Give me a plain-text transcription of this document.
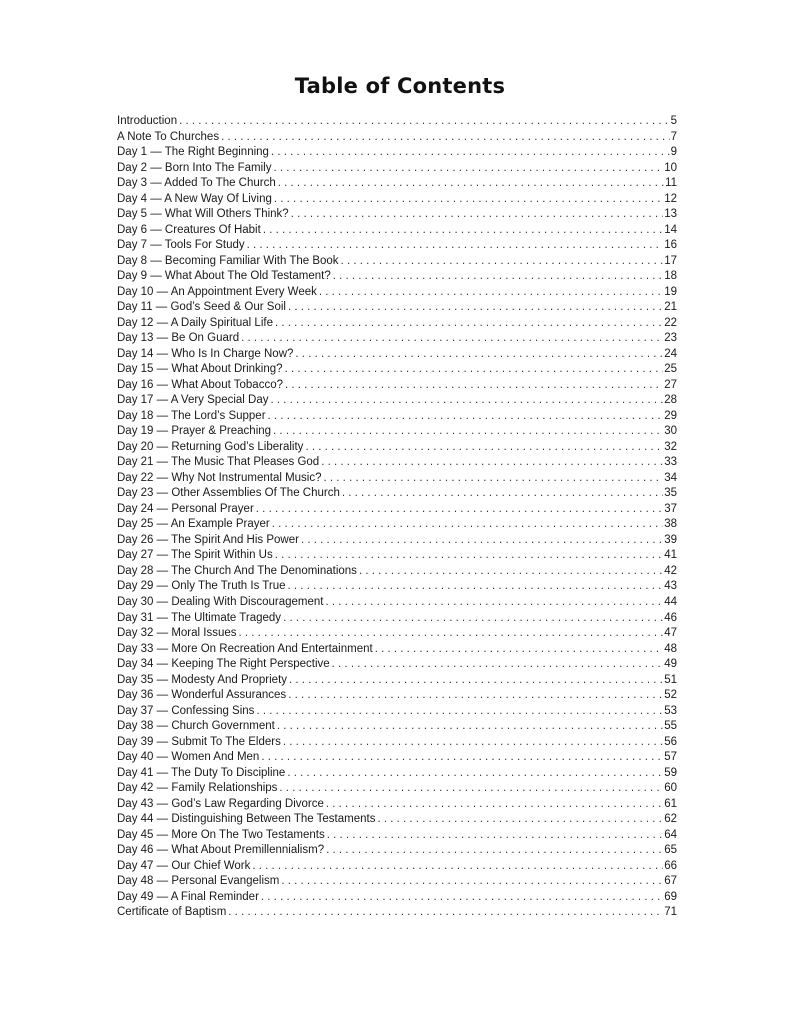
Table of Contents
Introduction . . .	5
A Note To Churches . . .	7
Day 1 — The Right Beginning . . .	9
Day 2 — Born Into The Family . . .	10
Day 3 — Added To The Church . . .	11
Day 4 — A New Way Of Living . . .	12
Day 5 — What Will Others Think? . . .	13
Day 6 — Creatures Of Habit . . .	14
Day 7 — Tools For Study . . .	16
Day 8 — Becoming Familiar With The Book . . .	17
Day 9 — What About The Old Testament? . . .	18
Day 10 — An Appointment Every Week . . .	19
Day 11 — God’s Seed & Our Soil . . .	21
Day 12 — A Daily Spiritual Life . . .	22
Day 13 — Be On Guard . . .	23
Day 14 — Who Is In Charge Now? . . .	24
Day 15 — What About Drinking? . . .	25
Day 16 — What About Tobacco? . . .	27
Day 17 — A Very Special Day . . .	28
Day 18 — The Lord’s Supper . . .	29
Day 19 — Prayer & Preaching . . .	30
Day 20 — Returning God’s Liberality . . .	32
Day 21 — The Music That Pleases God . . .	33
Day 22 — Why Not Instrumental Music? . . .	34
Day 23 — Other Assemblies Of The Church . . .	35
Day 24 — Personal Prayer . . .	37
Day 25 — An Example Prayer . . .	38
Day 26 — The Spirit And His Power . . .	39
Day 27 — The Spirit Within Us . . .	41
Day 28 — The Church And The Denominations . . .	42
Day 29 — Only The Truth Is True . . .	43
Day 30 — Dealing With Discouragement . . .	44
Day 31 — The Ultimate Tragedy . . .	46
Day 32 — Moral Issues . . .	47
Day 33 — More On Recreation And Entertainment . . .	48
Day 34 — Keeping The Right Perspective . . .	49
Day 35 — Modesty And Propriety . . .	51
Day 36 — Wonderful Assurances . . .	52
Day 37 — Confessing Sins . . .	53
Day 38 — Church Government . . .	55
Day 39 — Submit To The Elders . . .	56
Day 40 — Women And Men . . .	57
Day 41 — The Duty To Discipline . . .	59
Day 42 — Family Relationships . . .	60
Day 43 — God’s Law Regarding Divorce . . .	61
Day 44 — Distinguishing Between The Testaments . . .	62
Day 45 — More On The Two Testaments . . .	64
Day 46 — What About Premillennialism? . . .	65
Day 47 — Our Chief Work . . .	66
Day 48 — Personal Evangelism . . .	67
Day 49 — A Final Reminder . . .	69
Certificate of Baptism . . .	71
